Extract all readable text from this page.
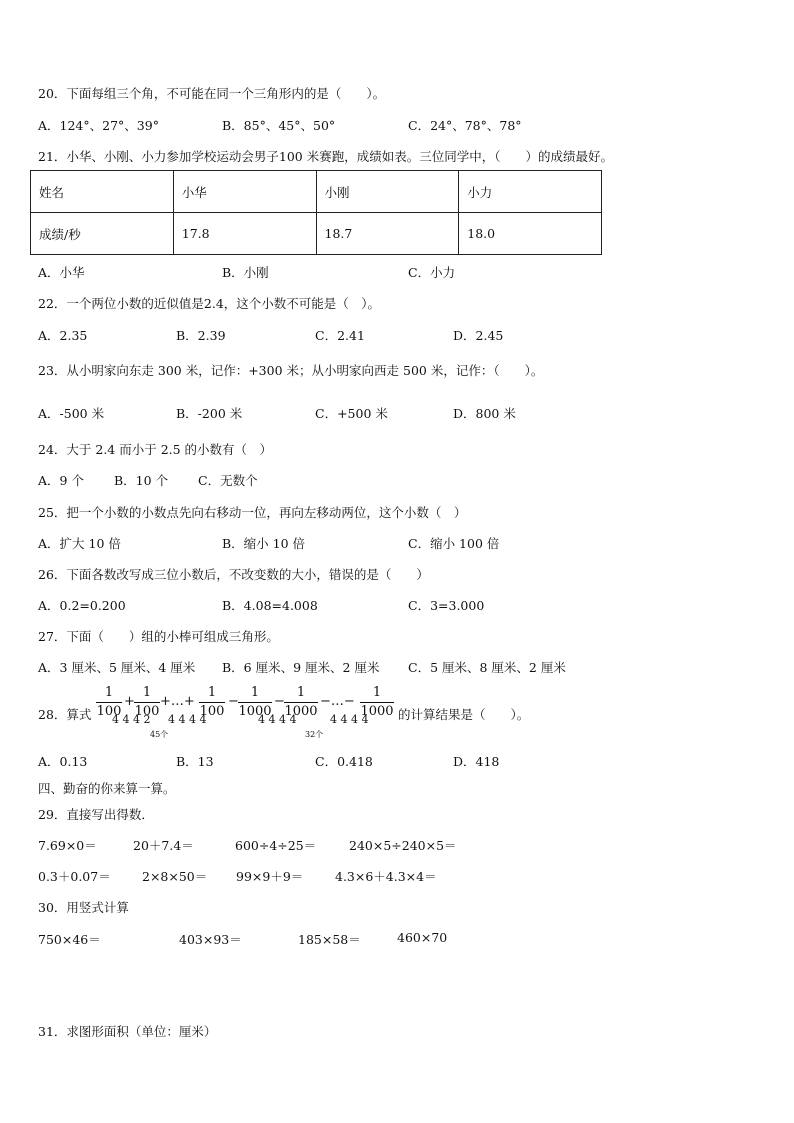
20．下面每组三个角，不可能在同一个三角形内的是（　　）。
A．124°、27°、39°	B．85°、45°、50°	C．24°、78°、78°
21．小华、小刚、小力参加学校运动会男子100 米赛跑，成绩如表。三位同学中，（　　）的成绩最好。
姓名	小华	小刚	小力
成绩/秒	17.8	18.7	18.0
A．小华	B．小刚	C．小力
22．一个两位小数的近似值是2.4，这个小数不可能是（　）。
A．2.35	B．2.39	C．2.41	D．2.45
23．从小明家向东走 300 米，记作：+300 米；从小明家向西走 500 米，记作：（　　）。
A．-500 米	B．-200 米	C．+500 米	D．800 米
24．大于 2.4 而小于 2.5 的小数有（　）
A．9 个 B．10 个 C．无数个
25．把一个小数的小数点先向右移动一位，再向左移动两位，这个小数（　）
A．扩大 10 倍	B．缩小 10 倍	C．缩小 100 倍
26．下面各数改写成三位小数后，不改变数的大小，错误的是（　　）
A．0.2=0.200	B．4.08=4.008	C．3=3.000
27．下面（　　）组的小棒可组成三角形。
A．3 厘米、5 厘米、4 厘米 B．6 厘米、9 厘米、2 厘米 C．5 厘米、8 厘米、2 厘米
28．算式
1
100
+
1
100
+…+
1
100
−
1
1000
−
1
1000
−…−
1
1000
4 4 4 2 4 4 4 4	4 4 4 4	4 4 4 4
45个	32个
的计算结果是（　　）。
A．0.13	B．13	C．0.418	D．418
四、勤奋的你来算一算。
29．直接写出得数．
7.69×0＝	20＋7.4＝	600÷4÷25＝	240×5÷240×5＝
0.3＋0.07＝	2×8×50＝ 99×9＋9＝	4.3×6＋4.3×4＝
30．用竖式计算
750×46＝	403×93＝	185×58＝	460×70
31．求图形面积（单位：厘米）
